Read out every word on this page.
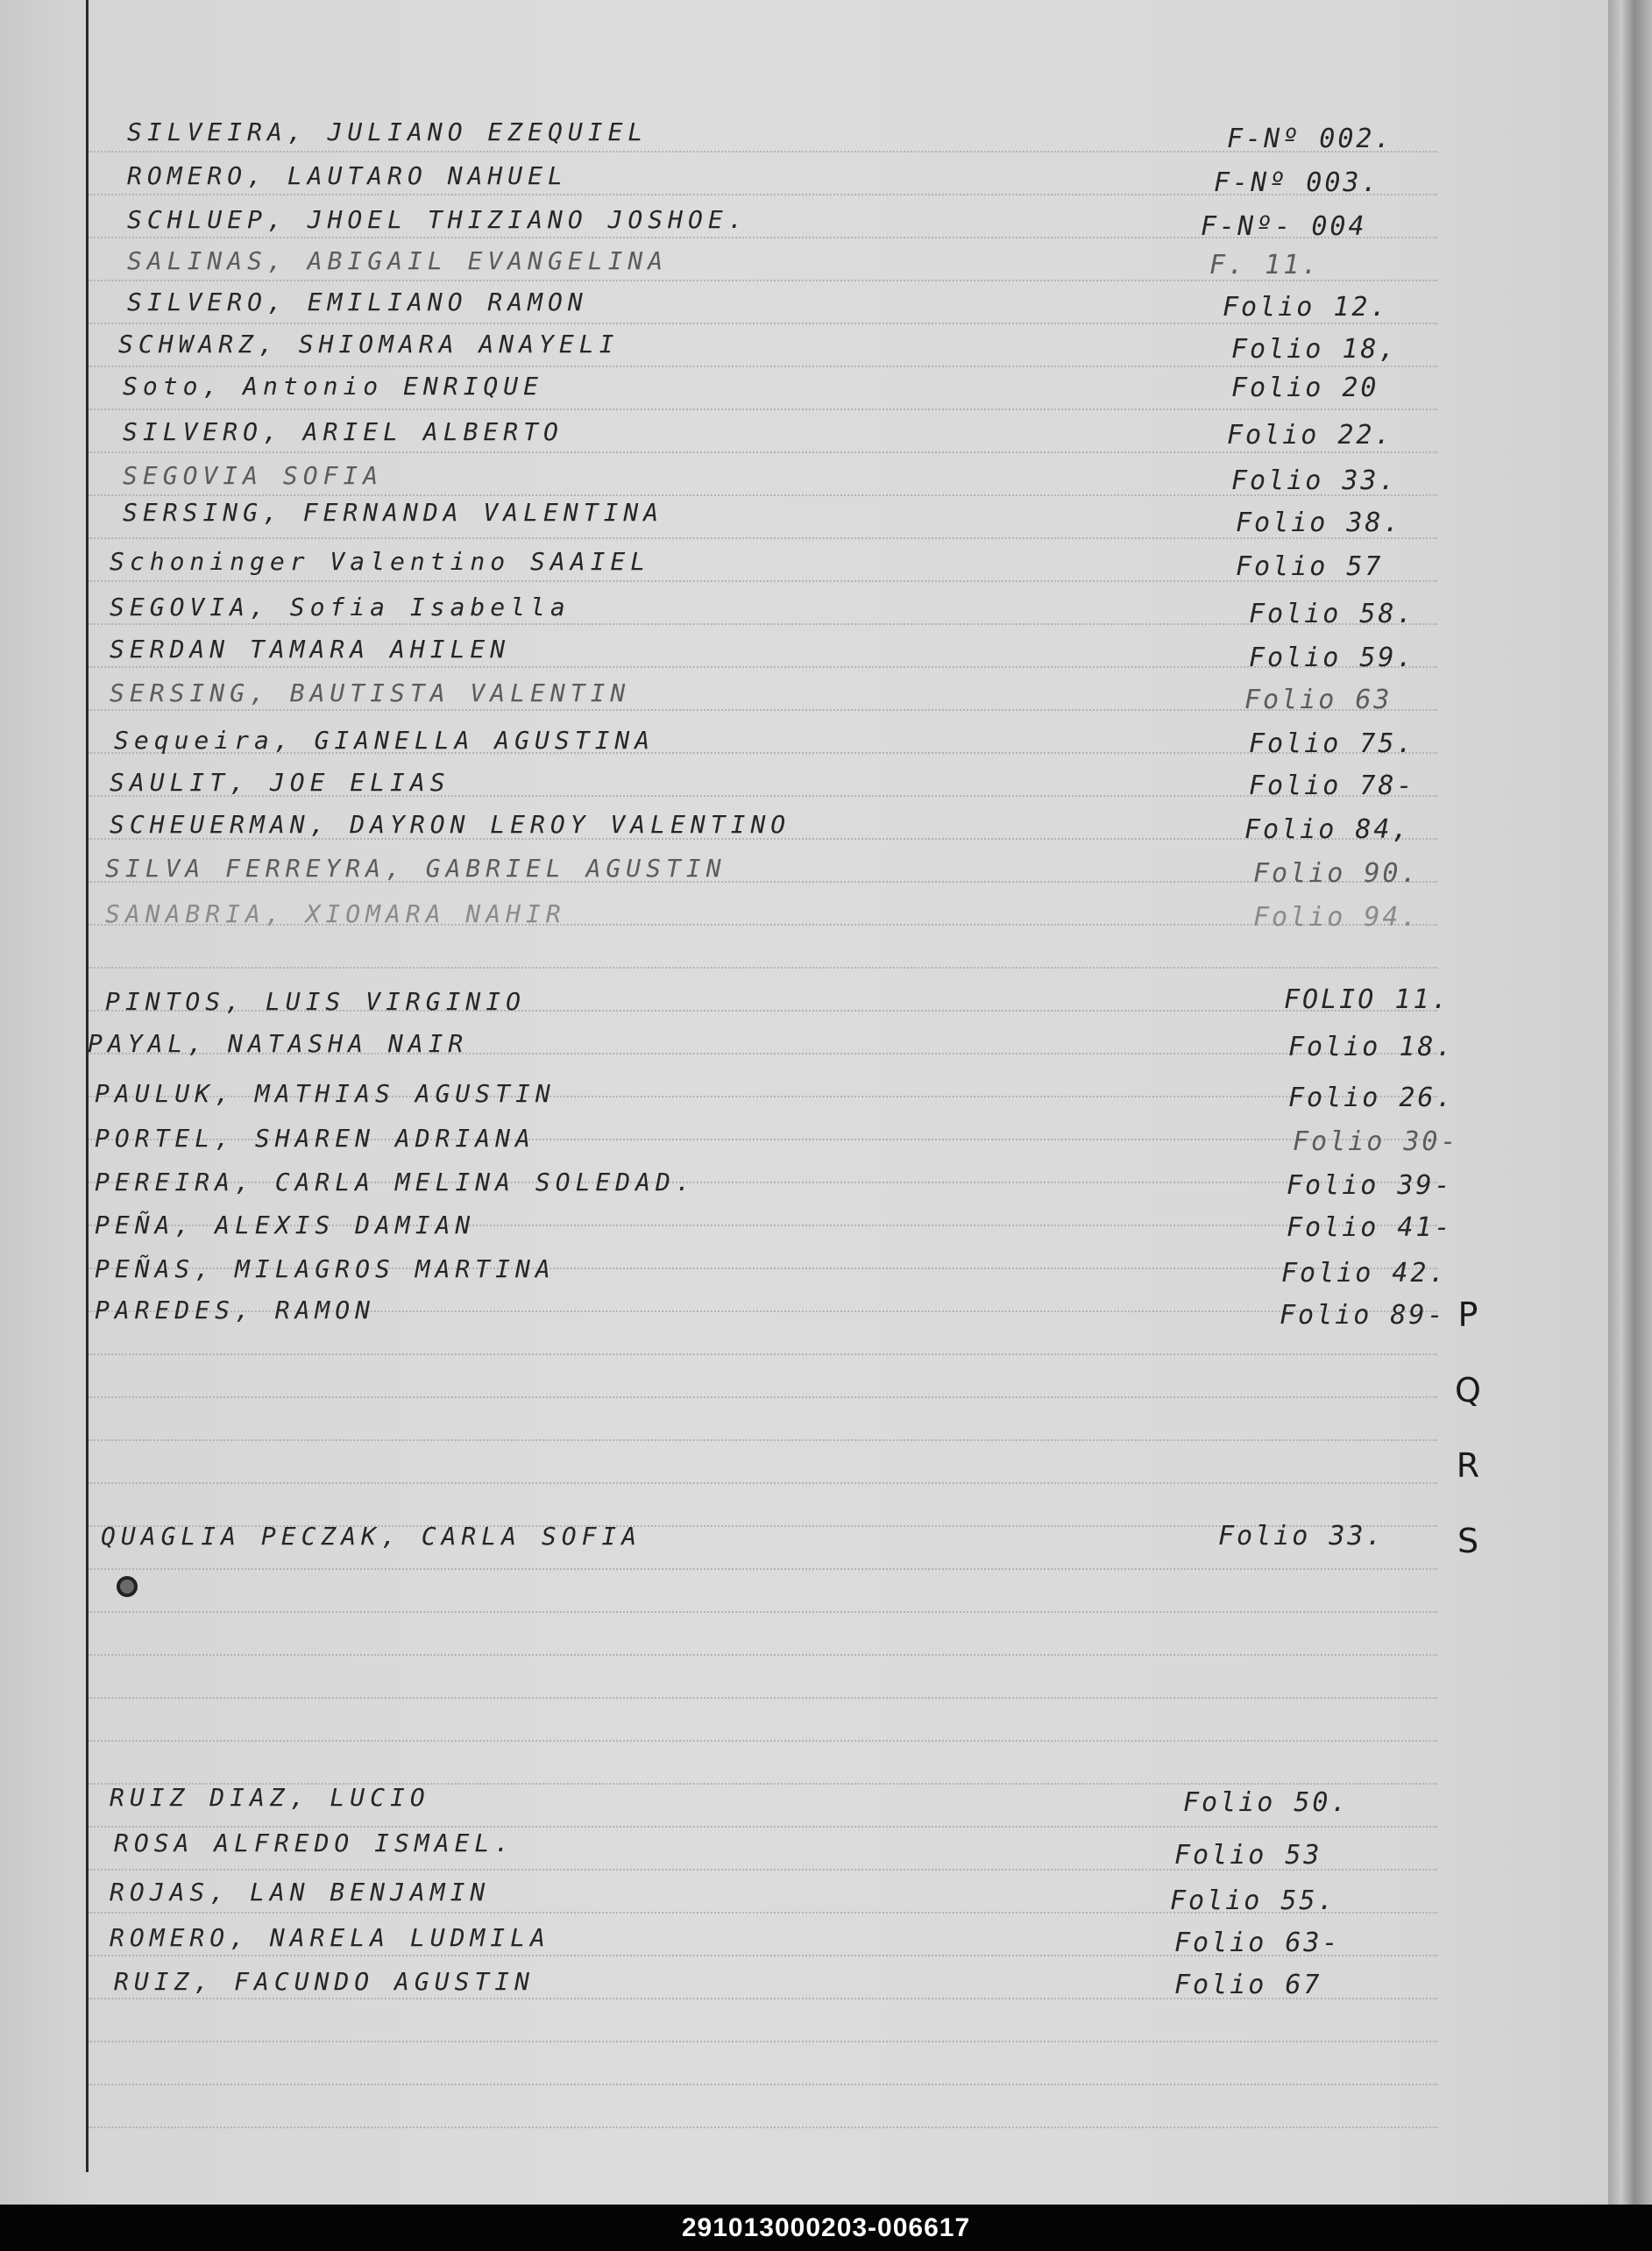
SILVEIRA, JULIANO EZEQUIEL	F-Nº 002.
ROMERO, LAUTARO NAHUEL	F-Nº 003.
SCHLUEP, JHOEL THIZIANO JOSHOE.	F-Nº- 004
SALINAS, ABIGAIL EVANGELINA	F. 11.
SILVERO, EMILIANO RAMON	Folio 12.
SCHWARZ, SHIOMARA ANAYELI	Folio 18,
Soto, Antonio ENRIQUE	Folio 20
SILVERO, ARIEL ALBERTO	Folio 22.
SEGOVIA SOFIA	Folio 33.
SERSING, FERNANDA VALENTINA	Folio 38.
Schoninger Valentino SAAIEL	Folio 57
SEGOVIA, Sofia Isabella	Folio 58.
SERDAN TAMARA AHILEN	Folio 59.
SERSING, BAUTISTA VALENTIN	Folio 63
Sequeira, GIANELLA AGUSTINA	Folio 75.
SAULIT, JOE ELIAS	Folio 78-
SCHEUERMAN, DAYRON LEROY VALENTINO	Folio 84,
SILVA FERREYRA, GABRIEL AGUSTIN	Folio 90.
SANABRIA, XIOMARA NAHIR	Folio 94.
PINTOS, LUIS VIRGINIO	FOLIO 11.
PAYAL, NATASHA NAIR	Folio 18.
PAULUK, MATHIAS AGUSTIN	Folio 26.
PORTEL, SHAREN ADRIANA	Folio 30-
PEREIRA, CARLA MELINA SOLEDAD.	Folio 39-
PEÑA, ALEXIS DAMIAN	Folio 41-
PEÑAS, MILAGROS MARTINA	Folio 42.
PAREDES, RAMON	Folio 89-
QUAGLIA PECZAK, CARLA SOFIA	Folio 33.
RUIZ DIAZ, LUCIO	Folio 50.
ROSA ALFREDO ISMAEL.	Folio 53
ROJAS, LAN BENJAMIN	Folio 55.
ROMERO, NARELA LUDMILA	Folio 63-
RUIZ, FACUNDO AGUSTIN	Folio 67
P
Q
R
S
291013000203-006617
